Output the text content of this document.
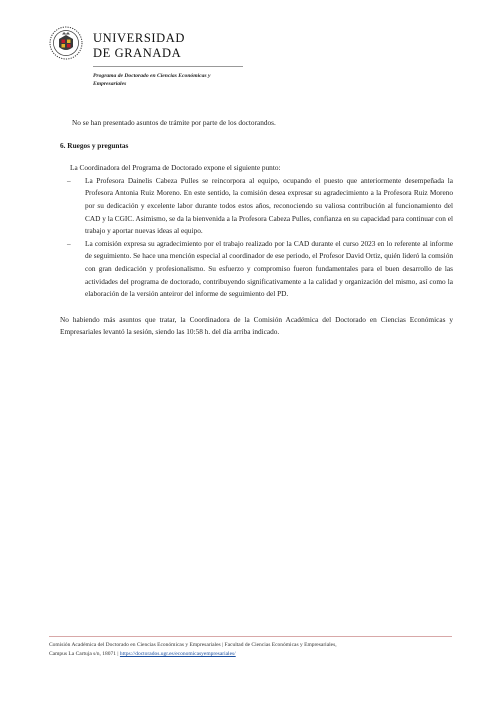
UNIVERSIDAD
DE GRANADA
Programa de Doctorado en Ciencias Económicas y Empresariales

No se han presentado asuntos de trámite por parte de los doctorandos.

6. Ruegos y preguntas

La Coordinadora del Programa de Doctorado expone el siguiente punto:

– La Profesora Dainelis Cabeza Pulles se reincorpora al equipo, ocupando el puesto que anteriormente desempeñada la Profesora Antonia Ruiz Moreno. En este sentido, la comisión desea expresar su agradecimiento a la Profesora Ruiz Moreno por su dedicación y excelente labor durante todos estos años, reconociendo su valiosa contribución al funcionamiento del CAD y la CGIC. Asimismo, se da la bienvenida a la Profesora Cabeza Pulles, confianza en su capacidad para continuar con el trabajo y aportar nuevas ideas al equipo.
– La comisión expresa su agradecimiento por el trabajo realizado por la CAD durante el curso 2023 en lo referente al informe de seguimiento. Se hace una mención especial al coordinador de ese periodo, el Profesor David Ortiz, quién lideró la comsión con gran dedicación y profesionalismo. Su esfuerzo y compromiso fueron fundamentales para el buen desarrollo de las actividades del programa de doctorado, contribuyendo significativamente a la calidad y organización del mismo, así como la elaboración de la versión anteiror del informe de seguimiento del PD.

No habiendo más asuntos que tratar, la Coordinadora de la Comisión Académica del Doctorado en Ciencias Económicas y Empresariales levantó la sesión, siendo las 10:58 h. del día arriba indicado.

Comisión Académica del Doctorado en Ciencias Económicas y Empresariales | Facultad de Ciencias Económicas y Empresariales,
Campus La Cartuja s/n, 18071 | https://doctorados.ugr.es/economicasyempresariales/
